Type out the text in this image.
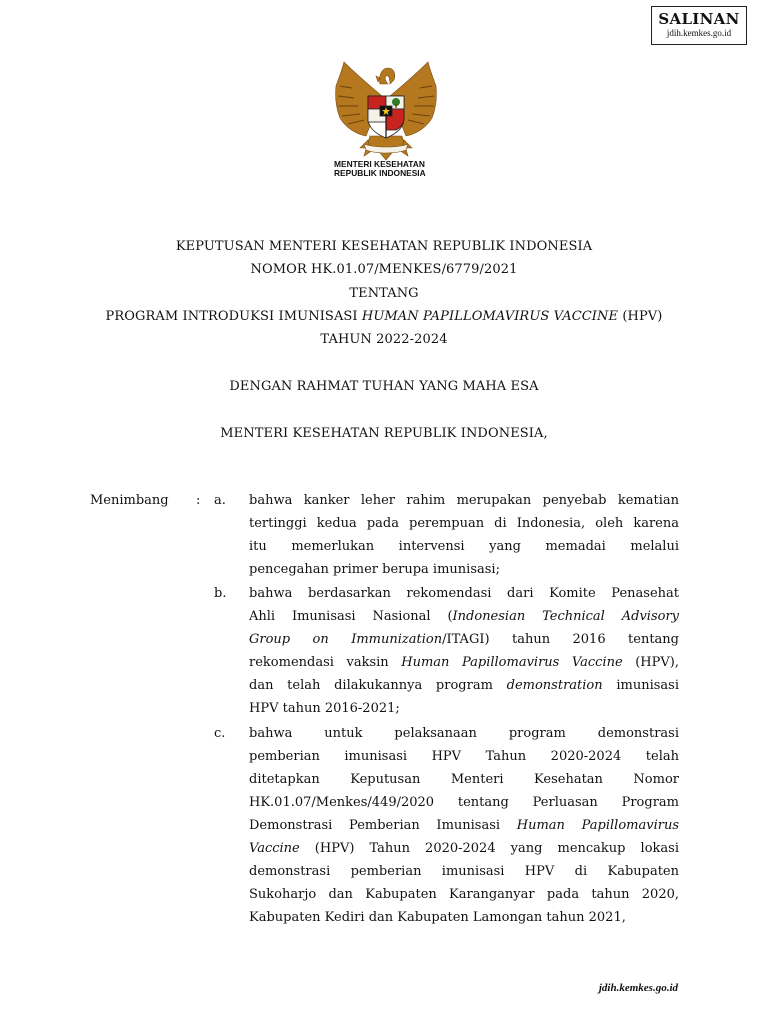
SALINAN
jdih.kemkes.go.id
MENTERI KESEHATAN
REPUBLIK INDONESIA
KEPUTUSAN MENTERI KESEHATAN REPUBLIK INDONESIA
NOMOR HK.01.07/MENKES/6779/2021
TENTANG
PROGRAM INTRODUKSI IMUNISASI HUMAN PAPILLOMAVIRUS VACCINE (HPV)
TAHUN 2022-2024
DENGAN RAHMAT TUHAN YANG MAHA ESA
MENTERI KESEHATAN REPUBLIK INDONESIA,
Menimbang : a. bahwa kanker leher rahim merupakan penyebab kematian
tertinggi kedua pada perempuan di Indonesia, oleh karena
itu memerlukan intervensi yang memadai melalui
pencegahan primer berupa imunisasi;
b. bahwa berdasarkan rekomendasi dari Komite Penasehat
Ahli Imunisasi Nasional (Indonesian Technical Advisory
Group on Immunization/ITAGI) tahun 2016 tentang
rekomendasi vaksin Human Papillomavirus Vaccine (HPV),
dan telah dilakukannya program demonstration imunisasi
HPV tahun 2016-2021;
c. bahwa untuk pelaksanaan program demonstrasi
pemberian imunisasi HPV Tahun 2020-2024 telah
ditetapkan Keputusan Menteri Kesehatan Nomor
HK.01.07/Menkes/449/2020 tentang Perluasan Program
Demonstrasi Pemberian Imunisasi Human Papillomavirus
Vaccine (HPV) Tahun 2020-2024 yang mencakup lokasi
demonstrasi pemberian imunisasi HPV di Kabupaten
Sukoharjo dan Kabupaten Karanganyar pada tahun 2020,
Kabupaten Kediri dan Kabupaten Lamongan tahun 2021,
jdih.kemkes.go.id
